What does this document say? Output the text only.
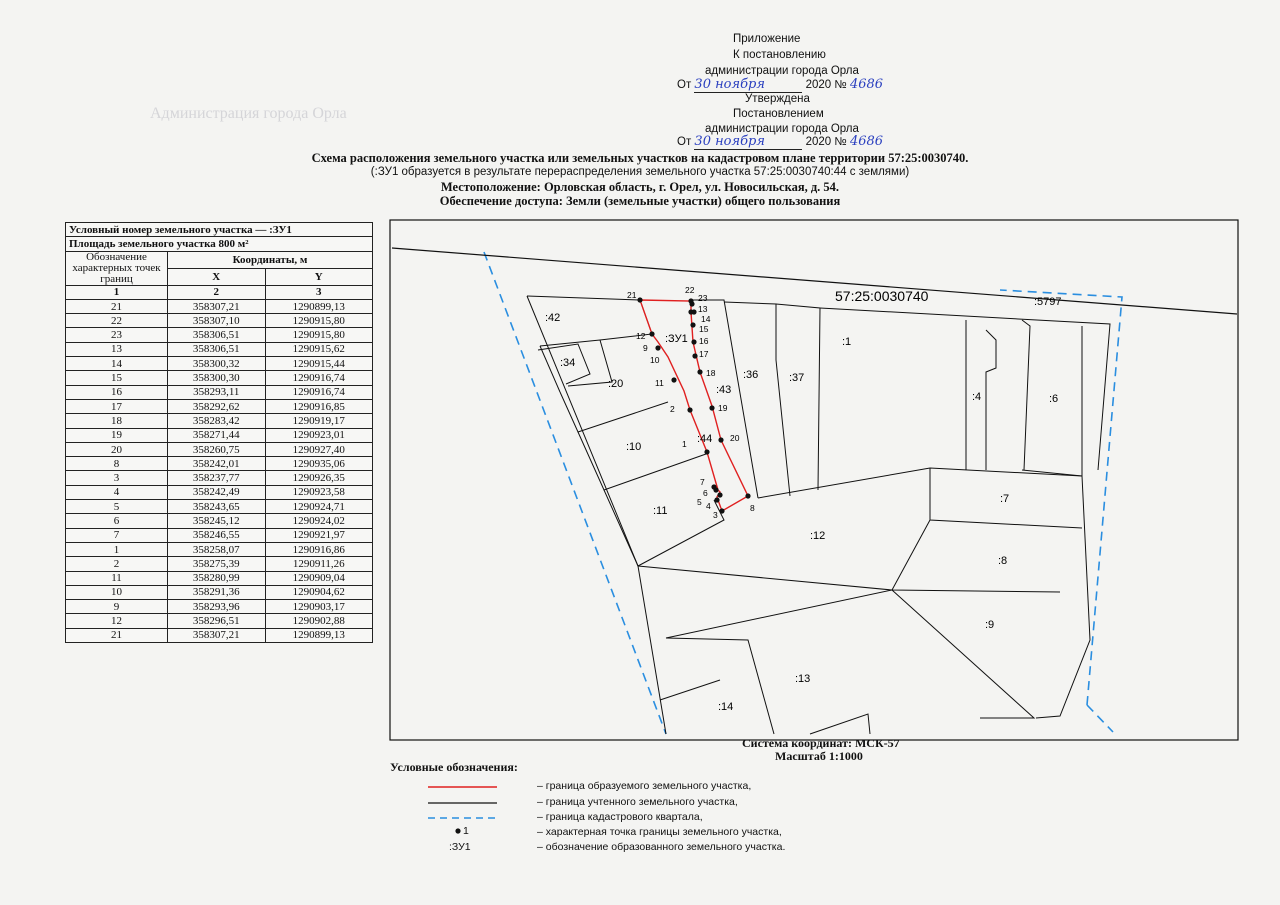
Администрация города Орла
Приложение
К постановлению
администрации города Орла
От 30 ноября	2020 № 4686
Утверждена
Постановлением
администрации города Орла
От 30 ноября	2020 № 4686
Схема расположения земельного участка или земельных участков на кадастровом плане территории 57:25:0030740.
(:ЗУ1 образуется в результате перераспределения земельного участка 57:25:0030740:44 с землями)
Местоположение: Орловская область, г. Орел, ул. Новосильская, д. 54.
Обеспечение доступа: Земли (земельные участки) общего пользования
Условный номер земельного участка — :ЗУ1		
Площадь земельного участка 800 м²		
Обозначение характерных точек границ	Координаты, м	
	X	Y
1	2	3
21	358307,21	1290899,13
22	358307,10	1290915,80
23	358306,51	1290915,80
13	358306,51	1290915,62
14	358300,32	1290915,44
15	358300,30	1290916,74
16	358293,11	1290916,74
17	358292,62	1290916,85
18	358283,42	1290919,17
19	358271,44	1290923,01
20	358260,75	1290927,40
8	358242,01	1290935,06
3	358237,77	1290926,35
4	358242,49	1290923,58
5	358243,65	1290924,71
6	358245,12	1290924,02
7	358246,55	1290921,97
1	358258,07	1290916,86
2	358275,39	1290911,26
11	358280,99	1290909,04
10	358291,36	1290904,62
9	358293,96	1290903,17
12	358296,51	1290902,88
21	358307,21	1290899,13
57:25:0030740	:5797
:42
:34
:20
:10
:11
:ЗУ1
:44
:43
:36	:37
:1
:4	:6
:7
:12
:8
:9
:13
:14
21	22
23
13
14
15
16
17
18
19
20
12
9
10
11
2
1
7
6
5 4
3
8
Система координат: МСК-57
Масштаб 1:1000
Условные обозначения:
– граница образуемого земельного участка,
– граница учтенного земельного участка,
– граница кадастрового квартала,
– характерная точка границы земельного участка,
– обозначение образованного земельного участка.
1
:ЗУ1
